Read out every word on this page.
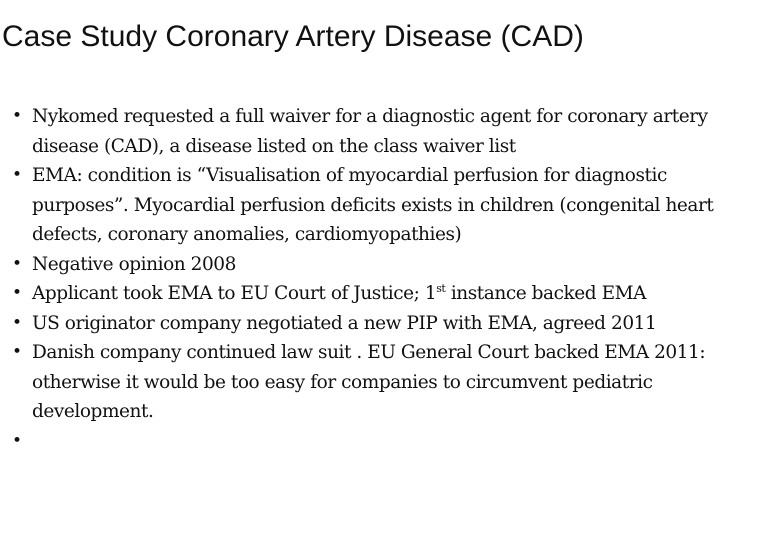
Case Study Coronary Artery Disease (CAD)
• Nykomed requested a full waiver for a diagnostic agent for coronary artery disease (CAD), a disease listed on the class waiver list
• EMA: condition is “Visualisation of myocardial perfusion for diagnostic purposes”. Myocardial perfusion deficits exists in children (congenital heart defects, coronary anomalies, cardiomyopathies)
• Negative opinion 2008
• Applicant took EMA to EU Court of Justice; 1st instance backed EMA
• US originator company negotiated a new PIP with EMA, agreed 2011
• Danish company continued law suit . EU General Court backed EMA 2011: otherwise it would be too easy for companies to circumvent pediatric development.
•
